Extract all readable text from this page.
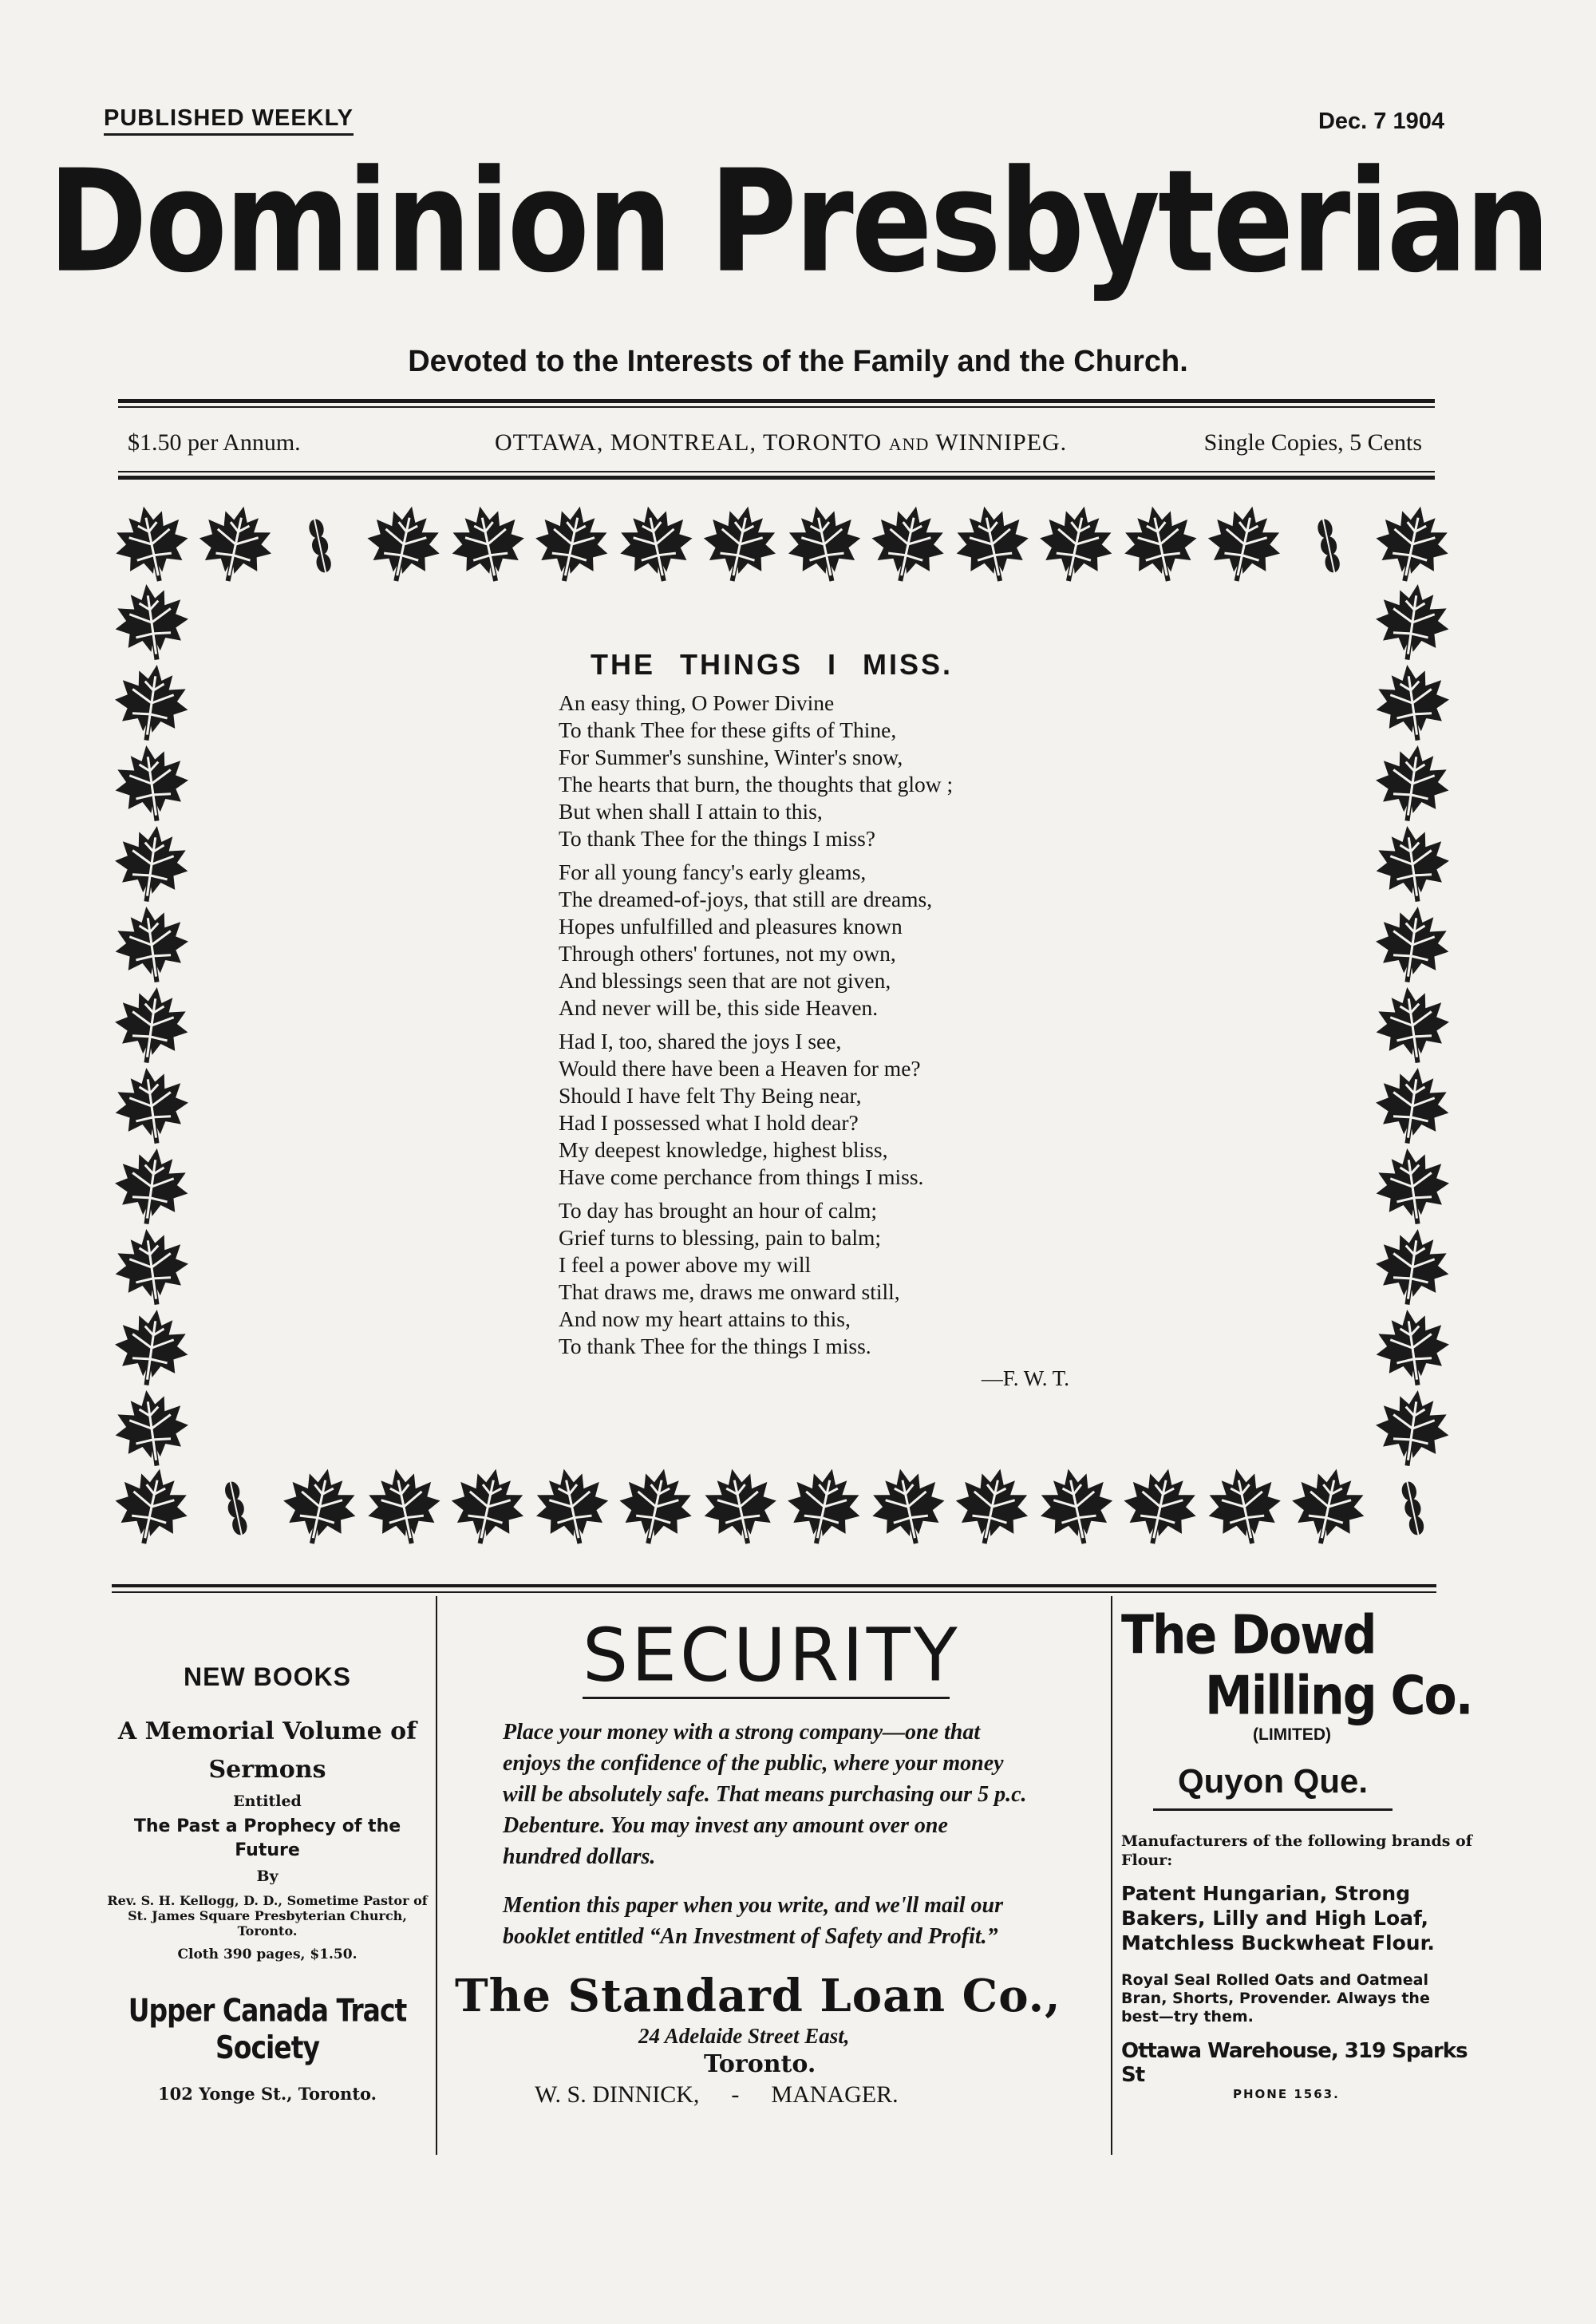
PUBLISHED WEEKLY	Dec. 7 1904
Dominion Presbyterian
Devoted to the Interests of the Family and the Church.
$1.50 per Annum.	OTTAWA, MONTREAL, TORONTO AND WINNIPEG.	Single Copies, 5 Cents
THE THINGS I MISS.
An easy thing, O Power Divine
To thank Thee for these gifts of Thine,
For Summer's sunshine, Winter's snow,
The hearts that burn, the thoughts that glow ;
But when shall I attain to this,
To thank Thee for the things I miss?
For all young fancy's early gleams,
The dreamed-of-joys, that still are dreams,
Hopes unfulfilled and pleasures known
Through others' fortunes, not my own,
And blessings seen that are not given,
And never will be, this side Heaven.
Had I, too, shared the joys I see,
Would there have been a Heaven for me?
Should I have felt Thy Being near,
Had I possessed what I hold dear?
My deepest knowledge, highest bliss,
Have come perchance from things I miss.
To day has brought an hour of calm;
Grief turns to blessing, pain to balm;
I feel a power above my will
That draws me, draws me onward still,
And now my heart attains to this,
To thank Thee for the things I miss.
—F. W. T.
NEW BOOKS
A Memorial Volume of Sermons
Entitled
The Past a Prophecy of the Future
By
Rev. S. H. Kellogg, D. D., Sometime Pastor of St. James Square Presbyterian Church, Toronto.
Cloth 390 pages, $1.50.
Upper Canada Tract Society
102 Yonge St., Toronto.
SECURITY
Place your money with a strong company—one that enjoys the confidence of the public, where your money will be absolutely safe. That means purchasing our 5 p.c. Debenture. You may invest any amount over one hundred dollars.
Mention this paper when you write, and we'll mail our booklet entitled “An Investment of Safety and Profit.”
The Standard Loan Co.,
24 Adelaide Street East,
Toronto.
W. S. DINNICK, - MANAGER.
The Dowd
Milling Co.
(LIMITED)
Quyon Que.
Manufacturers of the following brands of Flour:
Patent Hungarian, Strong Bakers, Lilly and High Loaf, Matchless Buckwheat Flour.
Royal Seal Rolled Oats and Oatmeal Bran, Shorts, Provender. Always the best—try them.
Ottawa Warehouse, 319 Sparks St
PHONE 1563.
